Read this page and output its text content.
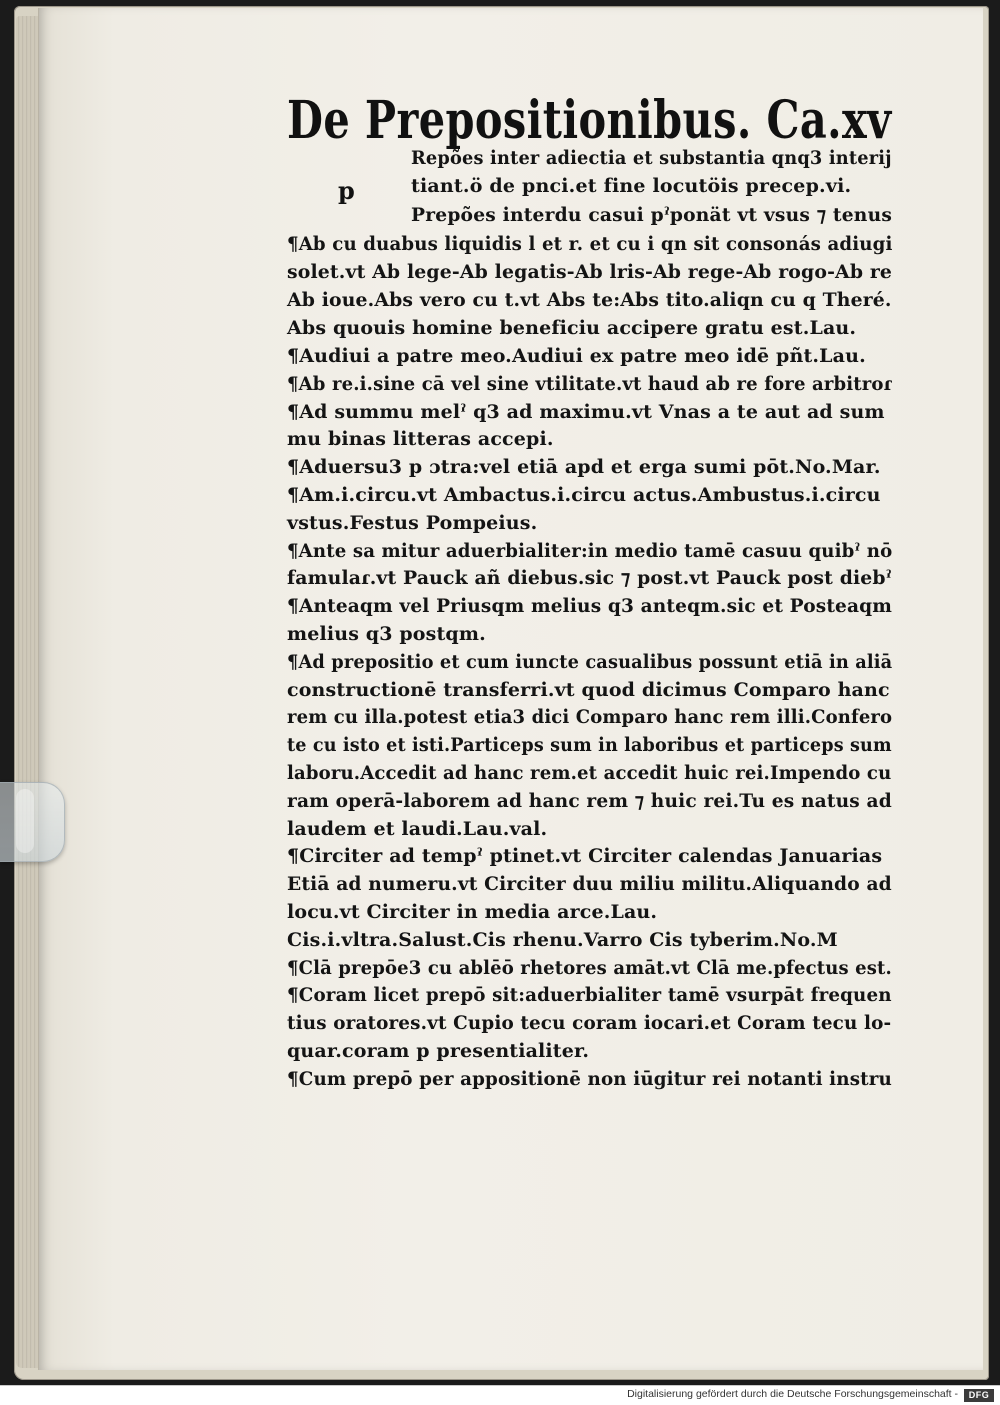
De Prepositionibus. Ca.xv
p
Repões inter adiectia et substantia qnq3 interij
tiant.ö de pnci.et fine locutöis precep.vi.
Prepões interdu casui pˀponät vt vsus ⁊ tenus
¶Ab cu duabus liquidis l et r. et cu i qn sit consonás adiugi
solet.vt Ab lege-Ab legatis-Ab lris-Ab rege-Ab rogo-Ab re
Ab ioue.Abs vero cu t.vt Abs te:Abs tito.aliqn cu q Theré.
Abs quouis homine beneficiu accipere gratu est.Lau.
¶Audiui a patre meo.Audiui ex patre meo idē pñt.Lau.
¶Ab re.i.sine cā vel sine vtilitate.vt haud ab re fore arbitroɾ
¶Ad summu melˀ q3 ad maximu.vt Vnas a te aut ad sum
mu binas litteras accepi.
¶Aduersu3 p ɔtra:vel etiā apd et erga sumi pōt.No.Mar.
¶Am.i.circu.vt Ambactus.i.circu actus.Ambustus.i.circu
vstus.Festus Pompeius.
¶Ante sa mitur aduerbialiter:in medio tamē casuu quibˀ nō
famulaɾ.vt Pauck añ diebus.sic ⁊ post.vt Pauck post diebˀ
¶Anteaqm vel Priusqm melius q3 anteqm.sic et Posteaqm
melius q3 postqm.
¶Ad prepositio et cum iuncte casualibus possunt etiā in aliā
constructionē transferri.vt quod dicimus Comparo hanc
rem cu illa.potest etia3 dici Comparo hanc rem illi.Confero
te cu isto et isti.Particeps sum in laboribus et particeps sum
laboru.Accedit ad hanc rem.et accedit huic rei.Impendo cu
ram operā-laborem ad hanc rem ⁊ huic rei.Tu es natus ad
laudem et laudi.Lau.val.
¶Circiter ad tempˀ ptinet.vt Circiter calendas Januarias
Etiā ad numeru.vt Circiter duu miliu militu.Aliquando ad
locu.vt Circiter in media arce.Lau.
Cis.i.vltra.Salust.Cis rhenu.Varro Cis tyberim.No.M
¶Clā prepōe3 cu ablēō rhetores amāt.vt Clā me.pfectus est.
¶Coram licet prepō sit:aduerbialiter tamē vsurpāt frequen
tius oratores.vt Cupio tecu coram iocari.et Coram tecu lo-
quar.coram p presentialiter.
¶Cum prepō per appositionē non iūgitur rei notanti instru
Digitalisierung gefördert durch die Deutsche Forschungsgemeinschaft -	DFG
